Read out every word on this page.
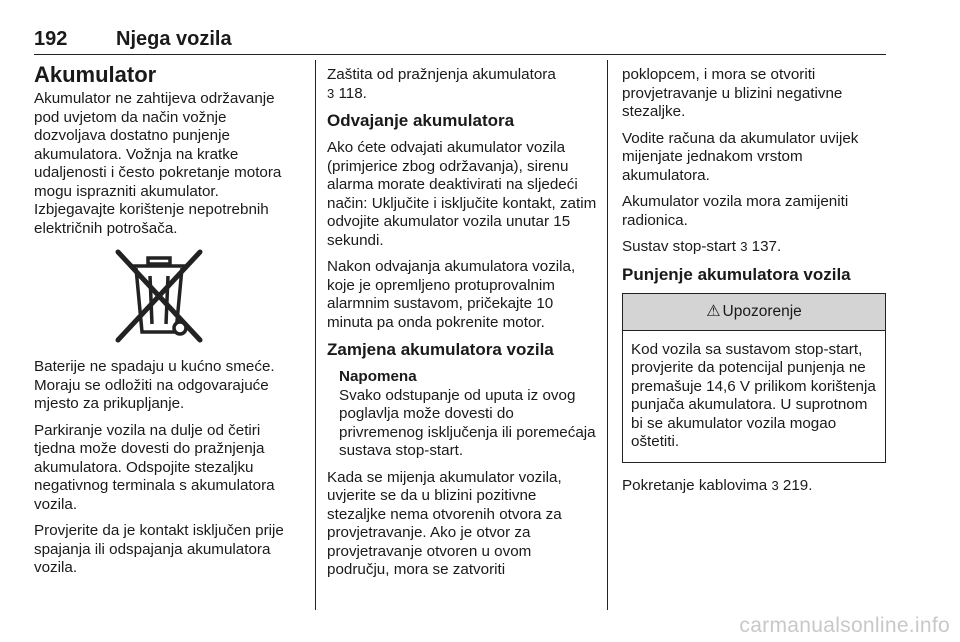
192 Njega vozila
Akumulator

Akumulator ne zahtijeva održavanje pod uvjetom da način vožnje dozvoljava dostatno punjenje akumulatora. Vožnja na kratke udaljenosti i često pokretanje motora mogu isprazniti akumulator.

Izbjegavajte korištenje nepotrebnih električnih potrošača.

Baterije ne spadaju u kućno smeće. Moraju se odložiti na odgovarajuće mjesto za prikupljanje.

Parkiranje vozila na dulje od četiri tjedna može dovesti do pražnjenja akumulatora. Odspojite stezaljku negativnog terminala s akumulatora vozila.

Provjerite da je kontakt isključen prije spajanja ili odspajanja akumulatora vozila.

Zaštita od pražnjenja akumulatora
3 118.

Odvajanje akumulatora

Ako ćete odvajati akumulator vozila (primjerice zbog održavanja), sirenu alarma morate deaktivirati na sljedeći način: Uključite i isključite kontakt, zatim odvojite akumulator vozila unutar 15 sekundi.

Nakon odvajanja akumulatora vozila, koje je opremljeno protuprovalnim alarmnim sustavom, pričekajte 10 minuta pa onda pokrenite motor.

Zamjena akumulatora vozila
Napomena
Svako odstupanje od uputa iz ovog poglavlja može dovesti do privremenog isključenja ili poremećaja sustava stop-start.

Kada se mijenja akumulator vozila, uvjerite se da u blizini pozitivne stezaljke nema otvorenih otvora za provjetravanje. Ako je otvor za provjetravanje otvoren u ovom području, mora se zatvoriti

poklopcem, i mora se otvoriti provjetravanje u blizini negativne stezaljke.

Vodite računa da akumulator uvijek mijenjate jednakom vrstom akumulatora.

Akumulator vozila mora zamijeniti radionica.

Sustav stop-start 3 137.

Punjenje akumulatora vozila
⚠ Upozorenje
Kod vozila sa sustavom stop-start, provjerite da potencijal punjenja ne premašuje 14,6 V prilikom korištenja punjača akumulatora. U suprotnom bi se akumulator vozila mogao oštetiti.

Pokretanje kablovima 3 219.

carmanualsonline.info
